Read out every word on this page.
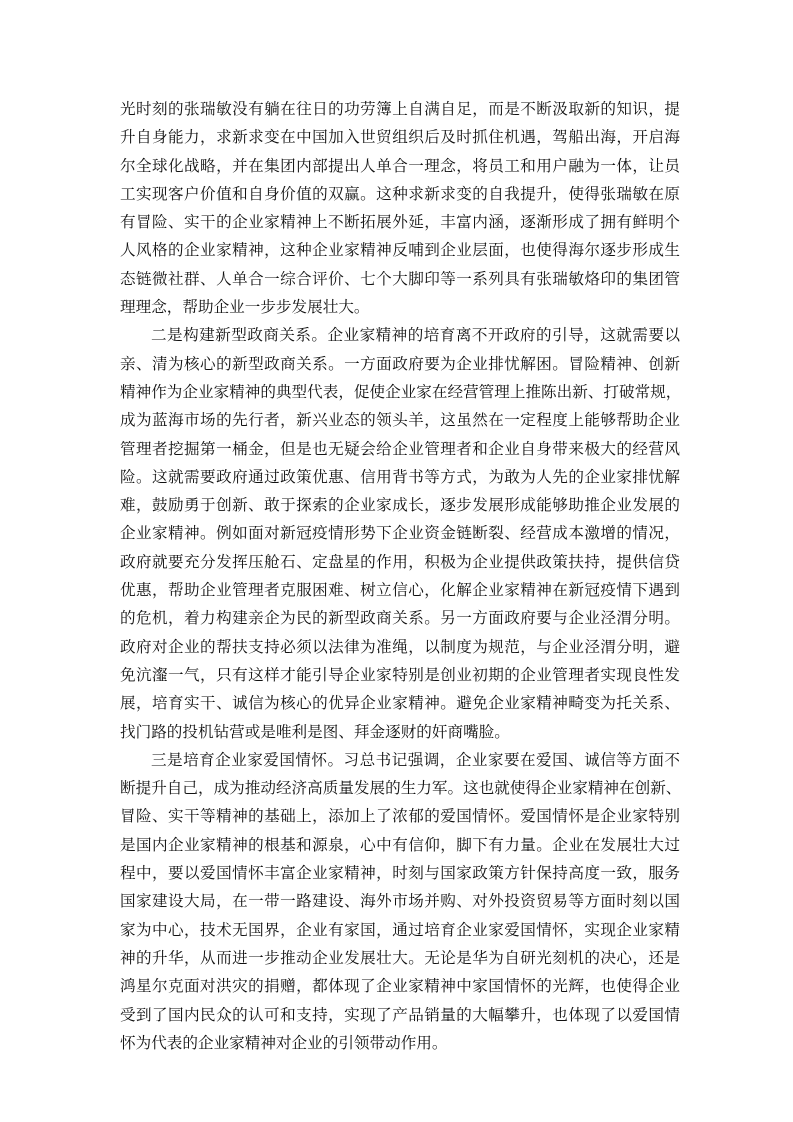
光时刻的张瑞敏没有躺在往日的功劳簿上自满自足，而是不断汲取新的知识，提
升自身能力，求新求变在中国加入世贸组织后及时抓住机遇，驾船出海，开启海
尔全球化战略，并在集团内部提出人单合一理念，将员工和用户融为一体，让员
工实现客户价值和自身价值的双赢。这种求新求变的自我提升，使得张瑞敏在原
有冒险、实干的企业家精神上不断拓展外延，丰富内涵，逐渐形成了拥有鲜明个
人风格的企业家精神，这种企业家精神反哺到企业层面，也使得海尔逐步形成生
态链微社群、人单合一综合评价、七个大脚印等一系列具有张瑞敏烙印的集团管
理理念，帮助企业一步步发展壮大。
二是构建新型政商关系。企业家精神的培育离不开政府的引导，这就需要以
亲、清为核心的新型政商关系。一方面政府要为企业排忧解困。冒险精神、创新
精神作为企业家精神的典型代表，促使企业家在经营管理上推陈出新、打破常规，
成为蓝海市场的先行者，新兴业态的领头羊，这虽然在一定程度上能够帮助企业
管理者挖掘第一桶金，但是也无疑会给企业管理者和企业自身带来极大的经营风
险。这就需要政府通过政策优惠、信用背书等方式，为敢为人先的企业家排忧解
难，鼓励勇于创新、敢于探索的企业家成长，逐步发展形成能够助推企业发展的
企业家精神。例如面对新冠疫情形势下企业资金链断裂、经营成本激增的情况，
政府就要充分发挥压舱石、定盘星的作用，积极为企业提供政策扶持，提供信贷
优惠，帮助企业管理者克服困难、树立信心，化解企业家精神在新冠疫情下遇到
的危机，着力构建亲企为民的新型政商关系。另一方面政府要与企业泾渭分明。
政府对企业的帮扶支持必须以法律为准绳，以制度为规范，与企业泾渭分明，避
免沆瀣一气，只有这样才能引导企业家特别是创业初期的企业管理者实现良性发
展，培育实干、诚信为核心的优异企业家精神。避免企业家精神畸变为托关系、
找门路的投机钻营或是唯利是图、拜金逐财的奸商嘴脸。
三是培育企业家爱国情怀。习总书记强调，企业家要在爱国、诚信等方面不
断提升自己，成为推动经济高质量发展的生力军。这也就使得企业家精神在创新、
冒险、实干等精神的基础上，添加上了浓郁的爱国情怀。爱国情怀是企业家特别
是国内企业家精神的根基和源泉，心中有信仰，脚下有力量。企业在发展壮大过
程中，要以爱国情怀丰富企业家精神，时刻与国家政策方针保持高度一致，服务
国家建设大局，在一带一路建设、海外市场并购、对外投资贸易等方面时刻以国
家为中心，技术无国界，企业有家国，通过培育企业家爱国情怀，实现企业家精
神的升华，从而进一步推动企业发展壮大。无论是华为自研光刻机的决心，还是
鸿星尔克面对洪灾的捐赠，都体现了企业家精神中家国情怀的光辉，也使得企业
受到了国内民众的认可和支持，实现了产品销量的大幅攀升，也体现了以爱国情
怀为代表的企业家精神对企业的引领带动作用。
